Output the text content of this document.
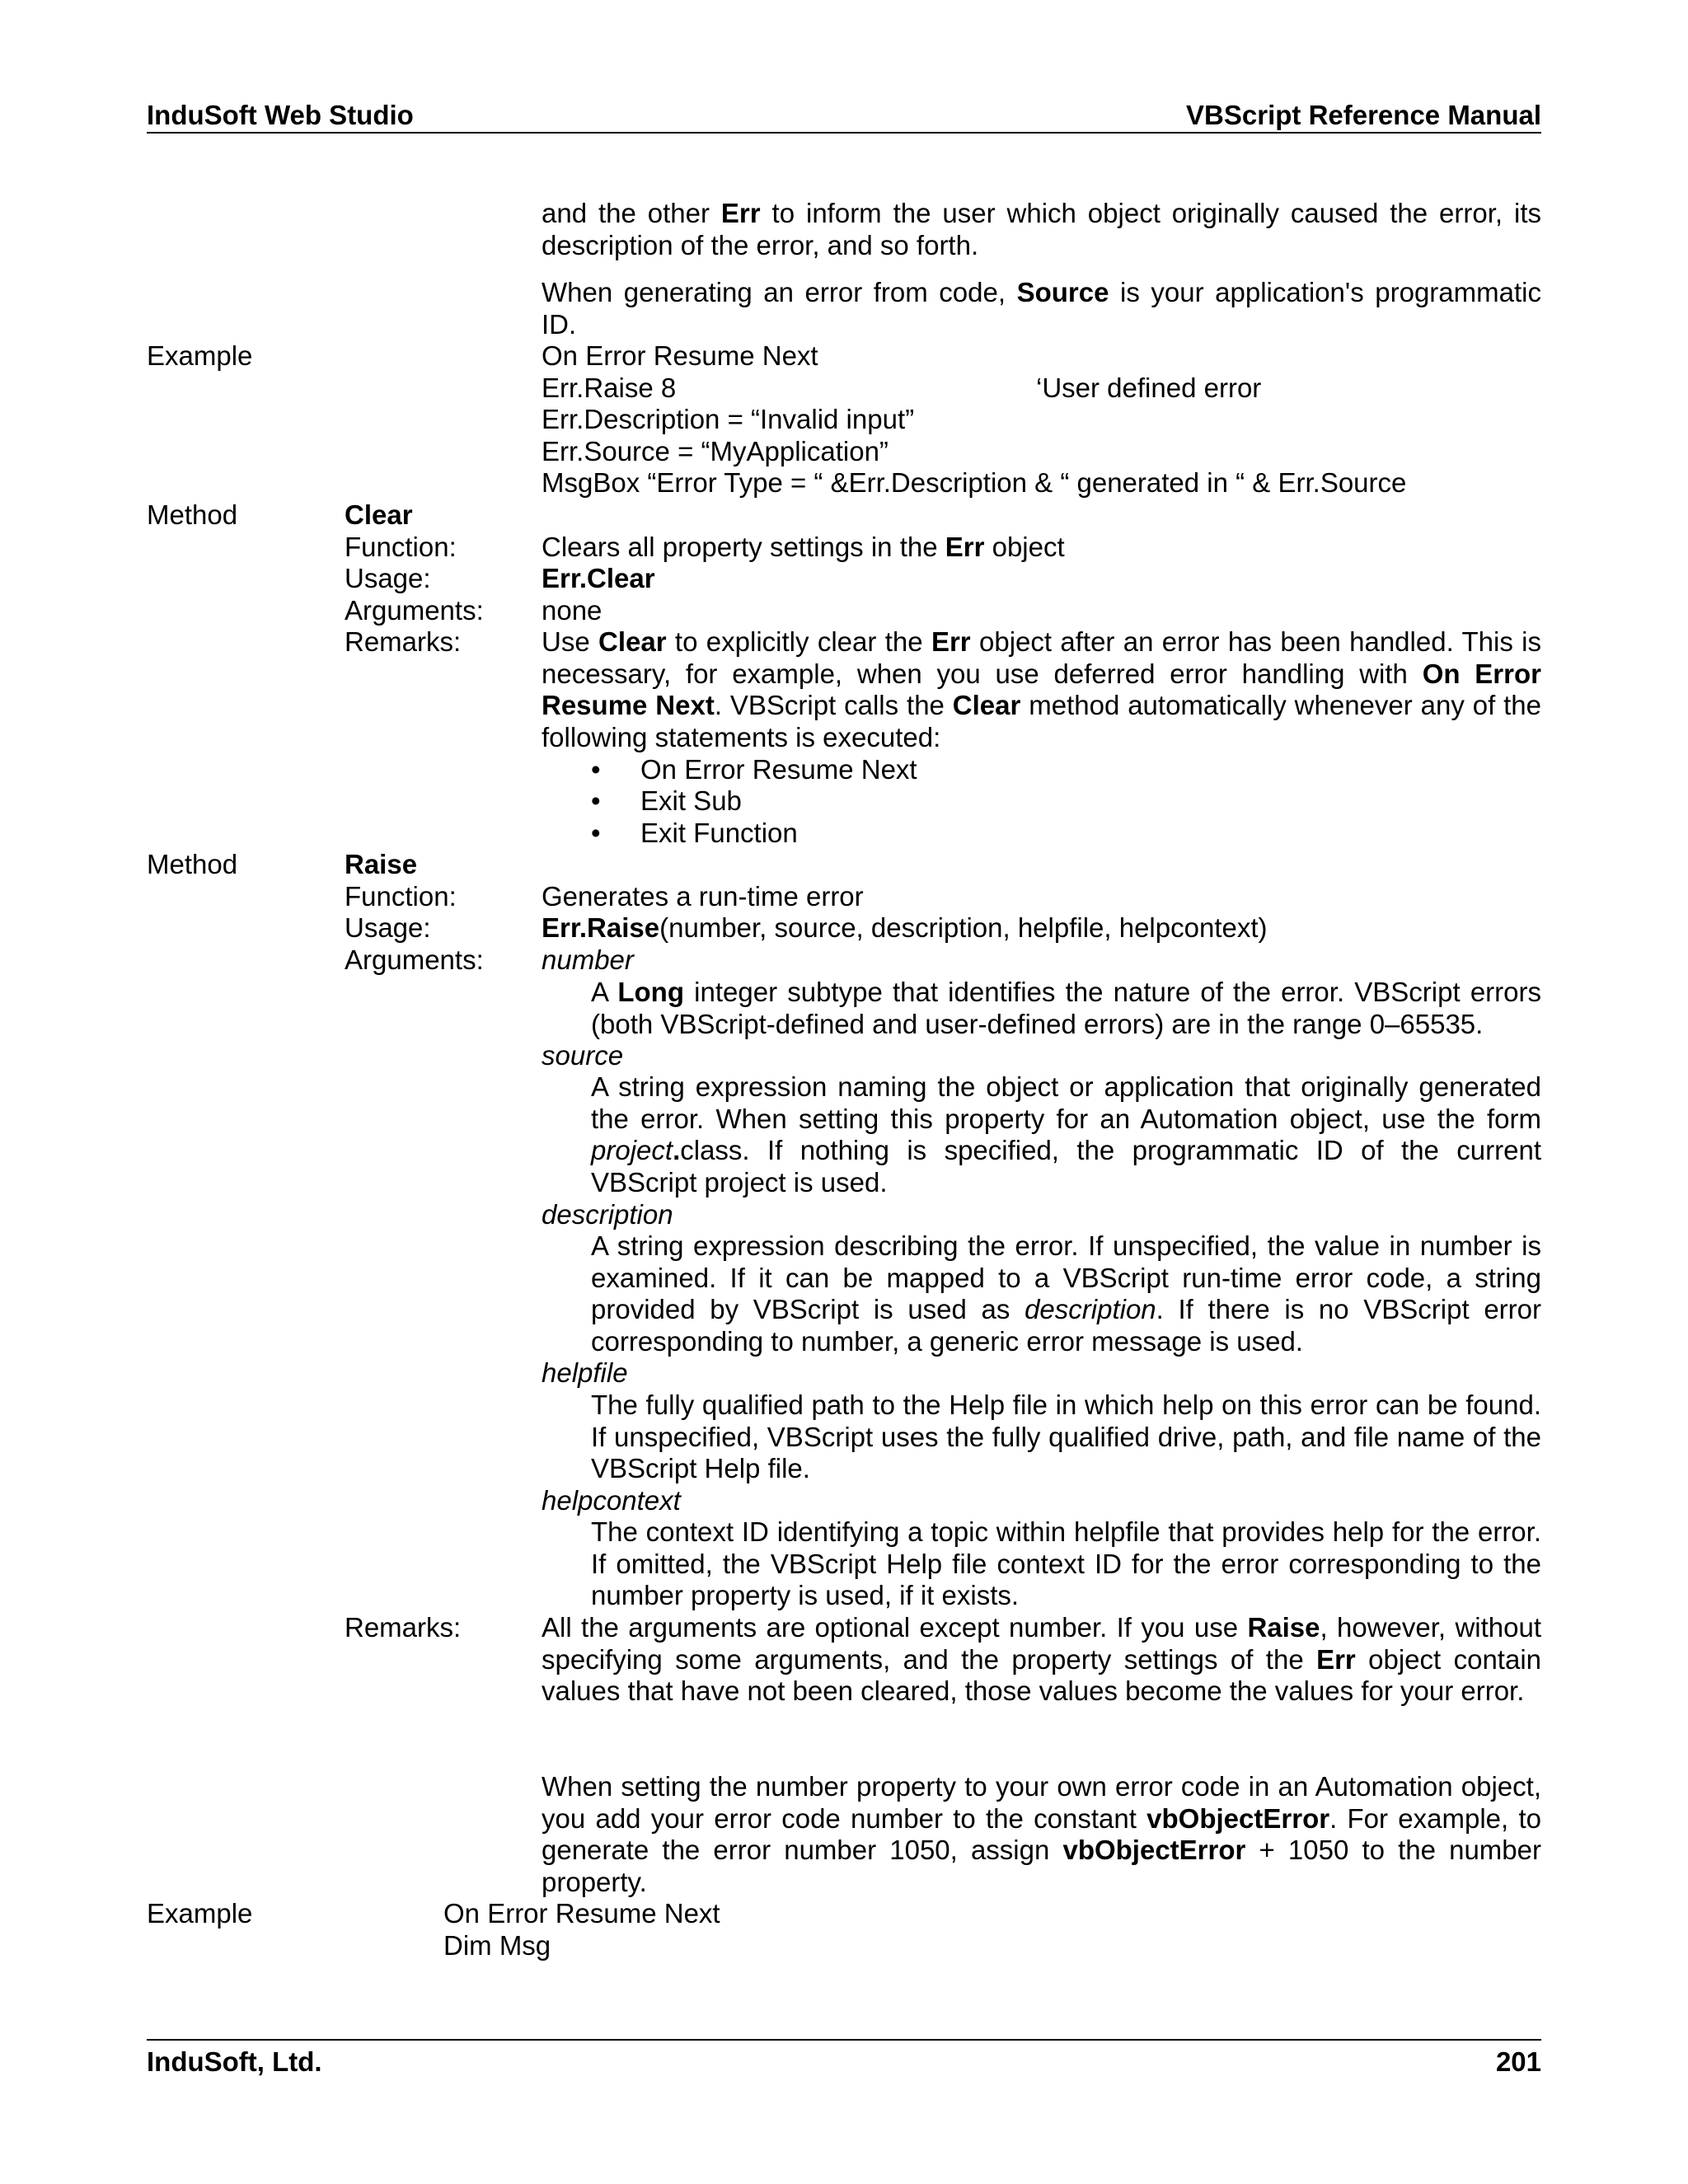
InduSoft Web Studio	VBScript Reference Manual
and the other Err to inform the user which object originally caused the error, its description of the error, and so forth.
When generating an error from code, Source is your application's programmatic ID.
Example	On Error Resume Next
Err.Raise 8	‘User defined error
Err.Description = “Invalid input”
Err.Source = “MyApplication”
MsgBox “Error Type = “ &Err.Description & “ generated in “ & Err.Source
Method	Clear
Function:	Clears all property settings in the Err object
Usage:	Err.Clear
Arguments: none
Remarks:	Use Clear to explicitly clear the Err object after an error has been handled. This is necessary, for example, when you use deferred error handling with On Error Resume Next. VBScript calls the Clear method automatically whenever any of the following statements is executed:
• On Error Resume Next
• Exit Sub
• Exit Function
Method	Raise
Function:	Generates a run-time error
Usage:	Err.Raise(number, source, description, helpfile, helpcontext)
Arguments: number
A Long integer subtype that identifies the nature of the error. VBScript errors (both VBScript-defined and user-defined errors) are in the range 0–65535.
source
A string expression naming the object or application that originally generated the error. When setting this property for an Automation object, use the form project.class. If nothing is specified, the programmatic ID of the current VBScript project is used.
description
A string expression describing the error. If unspecified, the value in number is examined. If it can be mapped to a VBScript run-time error code, a string provided by VBScript is used as description. If there is no VBScript error corresponding to number, a generic error message is used.
helpfile
The fully qualified path to the Help file in which help on this error can be found. If unspecified, VBScript uses the fully qualified drive, path, and file name of the VBScript Help file.
helpcontext
The context ID identifying a topic within helpfile that provides help for the error. If omitted, the VBScript Help file context ID for the error corresponding to the number property is used, if it exists.
Remarks:	All the arguments are optional except number. If you use Raise, however, without specifying some arguments, and the property settings of the Err object contain values that have not been cleared, those values become the values for your error.
When setting the number property to your own error code in an Automation object, you add your error code number to the constant vbObjectError. For example, to generate the error number 1050, assign vbObjectError + 1050 to the number property.
Example	On Error Resume Next
Dim Msg
InduSoft, Ltd.	201
